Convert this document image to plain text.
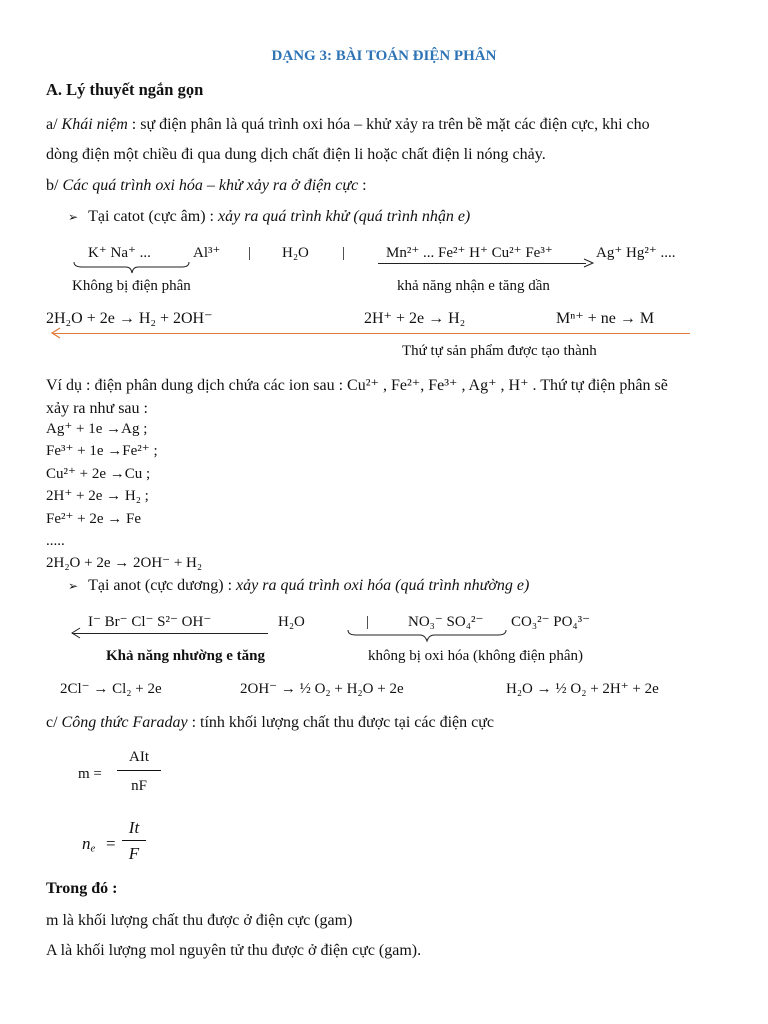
DẠNG 3: BÀI TOÁN ĐIỆN PHÂN
A. Lý thuyết ngắn gọn
a/ Khái niệm : sự điện phân là quá trình oxi hóa – khử xảy ra trên bề mặt các điện cực, khi cho
dòng điện một chiều đi qua dung dịch chất điện li hoặc chất điện li nóng chảy.
b/ Các quá trình oxi hóa – khử xảy ra ở điện cực :
➢ Tại catot (cực âm) : xảy ra quá trình khử (quá trình nhận e)
K⁺ Na⁺ ...	Al³⁺ | H₂O |	Mn²⁺ ... Fe²⁺ H⁺ Cu²⁺ Fe³⁺	Ag⁺ Hg²⁺ ....
Không bị điện phân	khả năng nhận e tăng dần
2H₂O + 2e → H₂ + 2OH⁻	2H⁺ + 2e → H₂	Mⁿ⁺ + ne → M
Thứ tự sản phẩm được tạo thành
Ví dụ : điện phân dung dịch chứa các ion sau : Cu²⁺ , Fe²⁺, Fe³⁺ , Ag⁺ , H⁺ . Thứ tự điện phân sẽ
xảy ra như sau :
Ag⁺ + 1e →Ag ;
Fe³⁺ + 1e →Fe²⁺ ;
Cu²⁺ + 2e →Cu ;
2H⁺ + 2e → H₂ ;
Fe²⁺ + 2e → Fe
.....
2H₂O + 2e → 2OH⁻ + H₂
➢ Tại anot (cực dương) : xảy ra quá trình oxi hóa (quá trình nhường e)
I⁻ Br⁻ Cl⁻ S²⁻ OH⁻	H₂O	|	NO₃⁻ SO₄²⁻ CO₃²⁻ PO₄³⁻
Khả năng nhường e tăng	không bị oxi hóa (không điện phân)
2Cl⁻ → Cl₂ + 2e	2OH⁻ → ½ O₂ + H₂O + 2e	H₂O → ½ O₂ + 2H⁺ + 2e
c/ Công thức Faraday : tính khối lượng chất thu được tại các điện cực
m =
AIt
nF
$n_e$ =
It
F
Trong đó :
m là khối lượng chất thu được ở điện cực (gam)
A là khối lượng mol nguyên tử thu được ở điện cực (gam).
